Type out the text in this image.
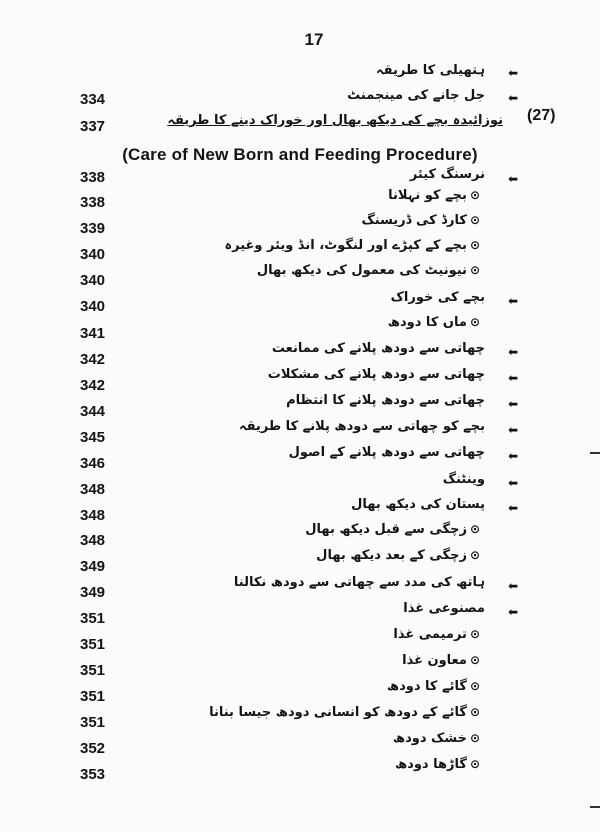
17
➡
ہتھیلی کا طریقہ
➡
جل جانے کی مینجمنٹ
334
نوزائیدہ بچے کی دیکھ بھال اور خوراک دینے کا طریقہ (27)
337
(Care of New Born and Feeding Procedure)
➡
نرسنگ کیئر
338
⊙بچے کو نہلانا
338
⊙کارڈ کی ڈریسنگ
339
⊙بچے کے کپڑے اور لنگوٹ، انڈ ویئر وغیرہ
340
⊙نیونیٹ کی معمول کی دیکھ بھال
340
➡
بچے کی خوراک
340
⊙ماں کا دودھ
341
➡
چھاتی سے دودھ پلانے کی ممانعت
342
➡
چھاتی سے دودھ پلانے کی مشکلات
342
➡
چھاتی سے دودھ پلانے کا انتظام
344
➡
بچے کو چھاتی سے دودھ پلانے کا طریقہ
345
➡
چھاتی سے دودھ پلانے کے اصول
346
➡
وینٹنگ
348
➡
پستان کی دیکھ بھال
348
⊙زچگی سے قبل دیکھ بھال
348
⊙زچگی کے بعد دیکھ بھال
349
➡
ہاتھ کی مدد سے چھاتی سے دودھ نکالنا
349
➡
مصنوعی غذا
351
⊙ترمیمی غذا
351
⊙معاون غذا
351
⊙گائے کا دودھ
351
⊙گائے کے دودھ کو انسانی دودھ جیسا بنانا
351
⊙خشک دودھ
352
⊙گاڑھا دودھ
353
